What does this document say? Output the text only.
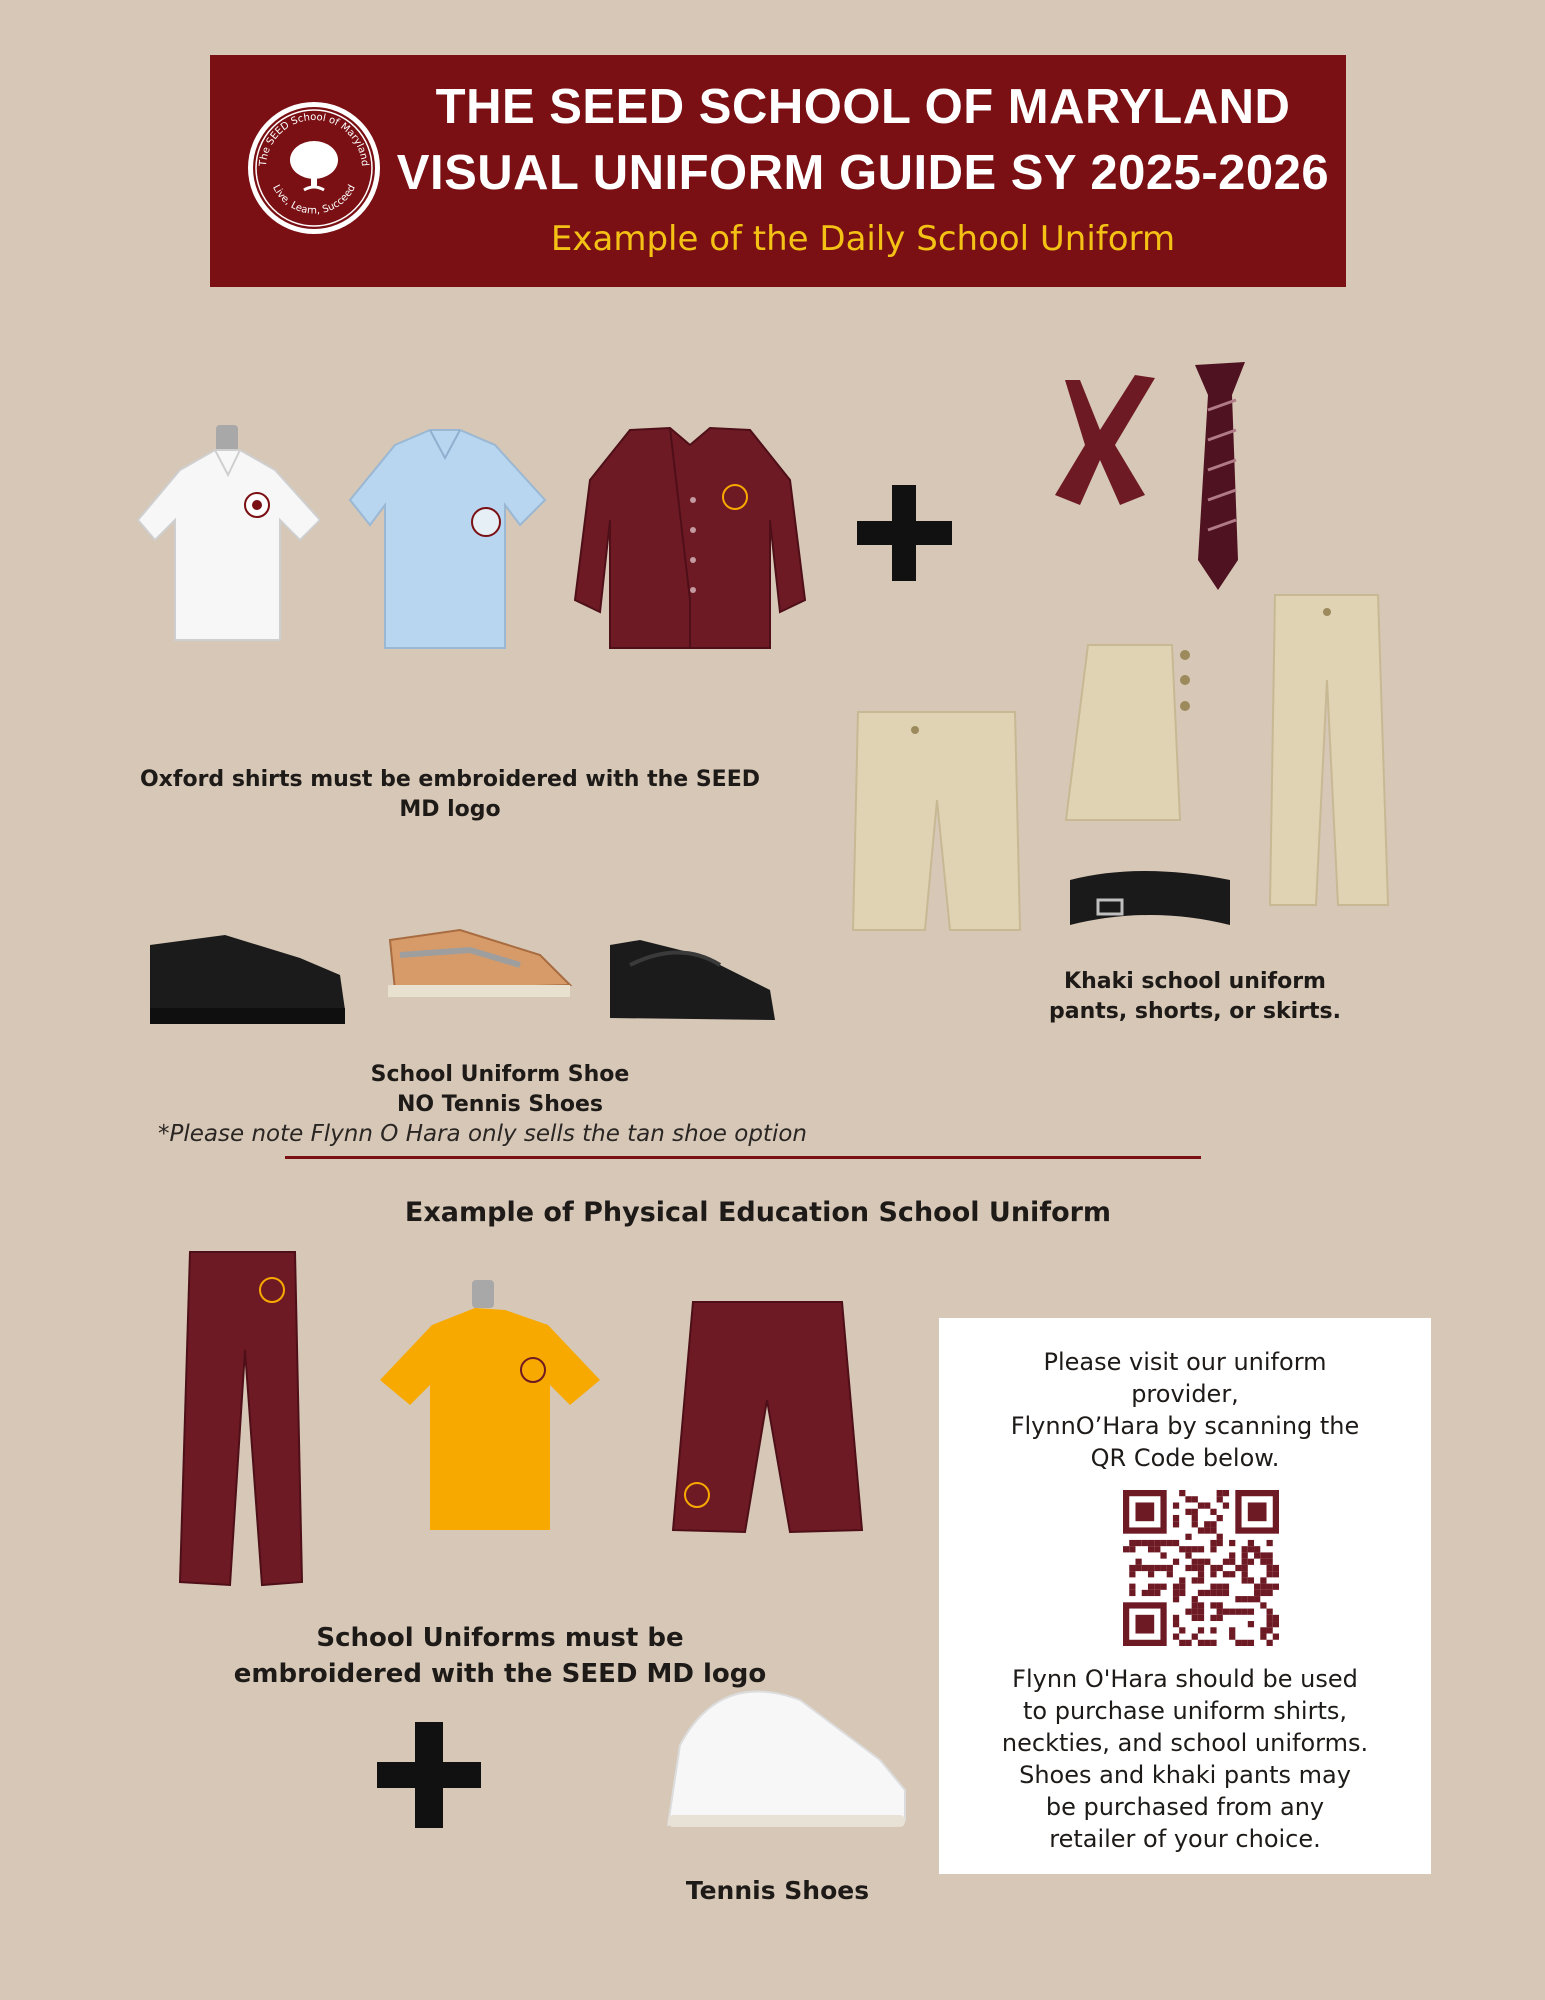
The SEED School of Maryland
Live, Learn, Succeed
THE SEED SCHOOL OF MARYLAND
VISUAL UNIFORM GUIDE SY 2025-2026
Example of the Daily School Uniform
Oxford shirts must be embroidered with the SEED
MD logo
Khaki school uniform
pants, shorts, or skirts.
School Uniform Shoe
NO Tennis Shoes
*Please note Flynn O Hara only sells the tan shoe option
Example of Physical Education School Uniform
School Uniforms must be
embroidered with the SEED MD logo
Tennis Shoes
Please visit our uniform
provider,
FlynnO’Hara by scanning the
QR Code below.
Flynn O'Hara should be used
to purchase uniform shirts,
neckties, and school uniforms.
Shoes and khaki pants may
be purchased from any
retailer of your choice.
